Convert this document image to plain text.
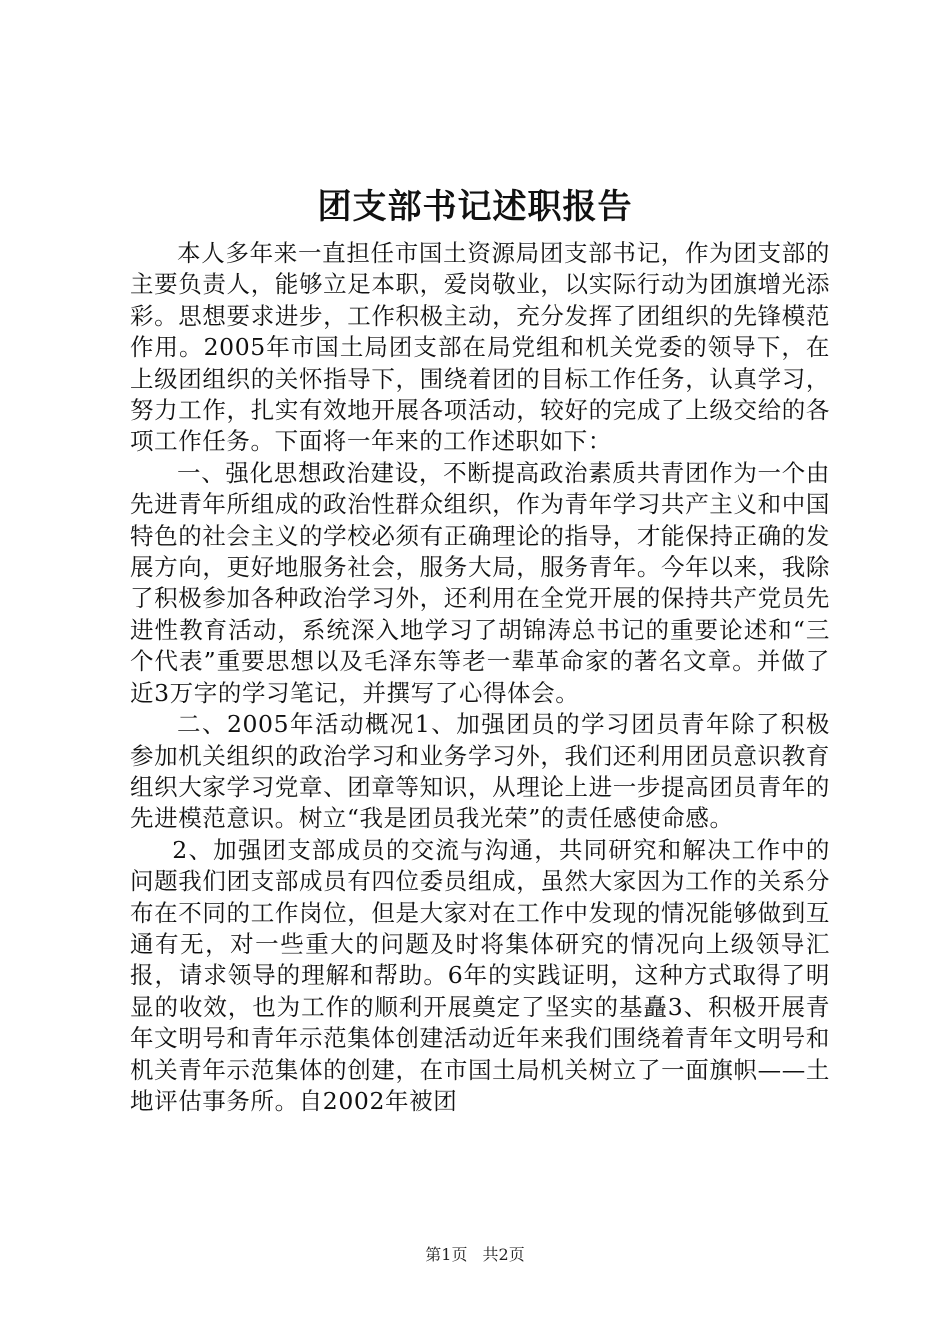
团支部书记述职报告

本人多年来一直担任市国土资源局团支部书记，作为团支部的主要负责人，能够立足本职，爱岗敬业，以实际行动为团旗增光添彩。思想要求进步，工作积极主动，充分发挥了团组织的先锋模范作用。2005年市国土局团支部在局党组和机关党委的领导下，在上级团组织的关怀指导下，围绕着团的目标工作任务，认真学习，努力工作，扎实有效地开展各项活动，较好的完成了上级交给的各项工作任务。下面将一年来的工作述职如下：

一、强化思想政治建设，不断提高政治素质共青团作为一个由先进青年所组成的政治性群众组织，作为青年学习共产主义和中国特色的社会主义的学校必须有正确理论的指导，才能保持正确的发展方向，更好地服务社会，服务大局，服务青年。今年以来，我除了积极参加各种政治学习外，还利用在全党开展的保持共产党员先进性教育活动，系统深入地学习了胡锦涛总书记的重要论述和“三个代表”重要思想以及毛泽东等老一辈革命家的著名文章。并做了近3万字的学习笔记，并撰写了心得体会。

二、2005年活动概况1、加强团员的学习团员青年除了积极参加机关组织的政治学习和业务学习外，我们还利用团员意识教育组织大家学习党章、团章等知识，从理论上进一步提高团员青年的先进模范意识。树立“我是团员我光荣”的责任感使命感。

2、加强团支部成员的交流与沟通，共同研究和解决工作中的问题我们团支部成员有四位委员组成，虽然大家因为工作的关系分布在不同的工作岗位，但是大家对在工作中发现的情况能够做到互通有无，对一些重大的问题及时将集体研究的情况向上级领导汇报，请求领导的理解和帮助。6年的实践证明，这种方式取得了明显的收效，也为工作的顺利开展奠定了坚实的基矗3、积极开展青年文明号和青年示范集体创建活动近年来我们围绕着青年文明号和机关青年示范集体的创建，在市国土局机关树立了一面旗帜——土地评估事务所。自2002年被团

第1页 共2页
